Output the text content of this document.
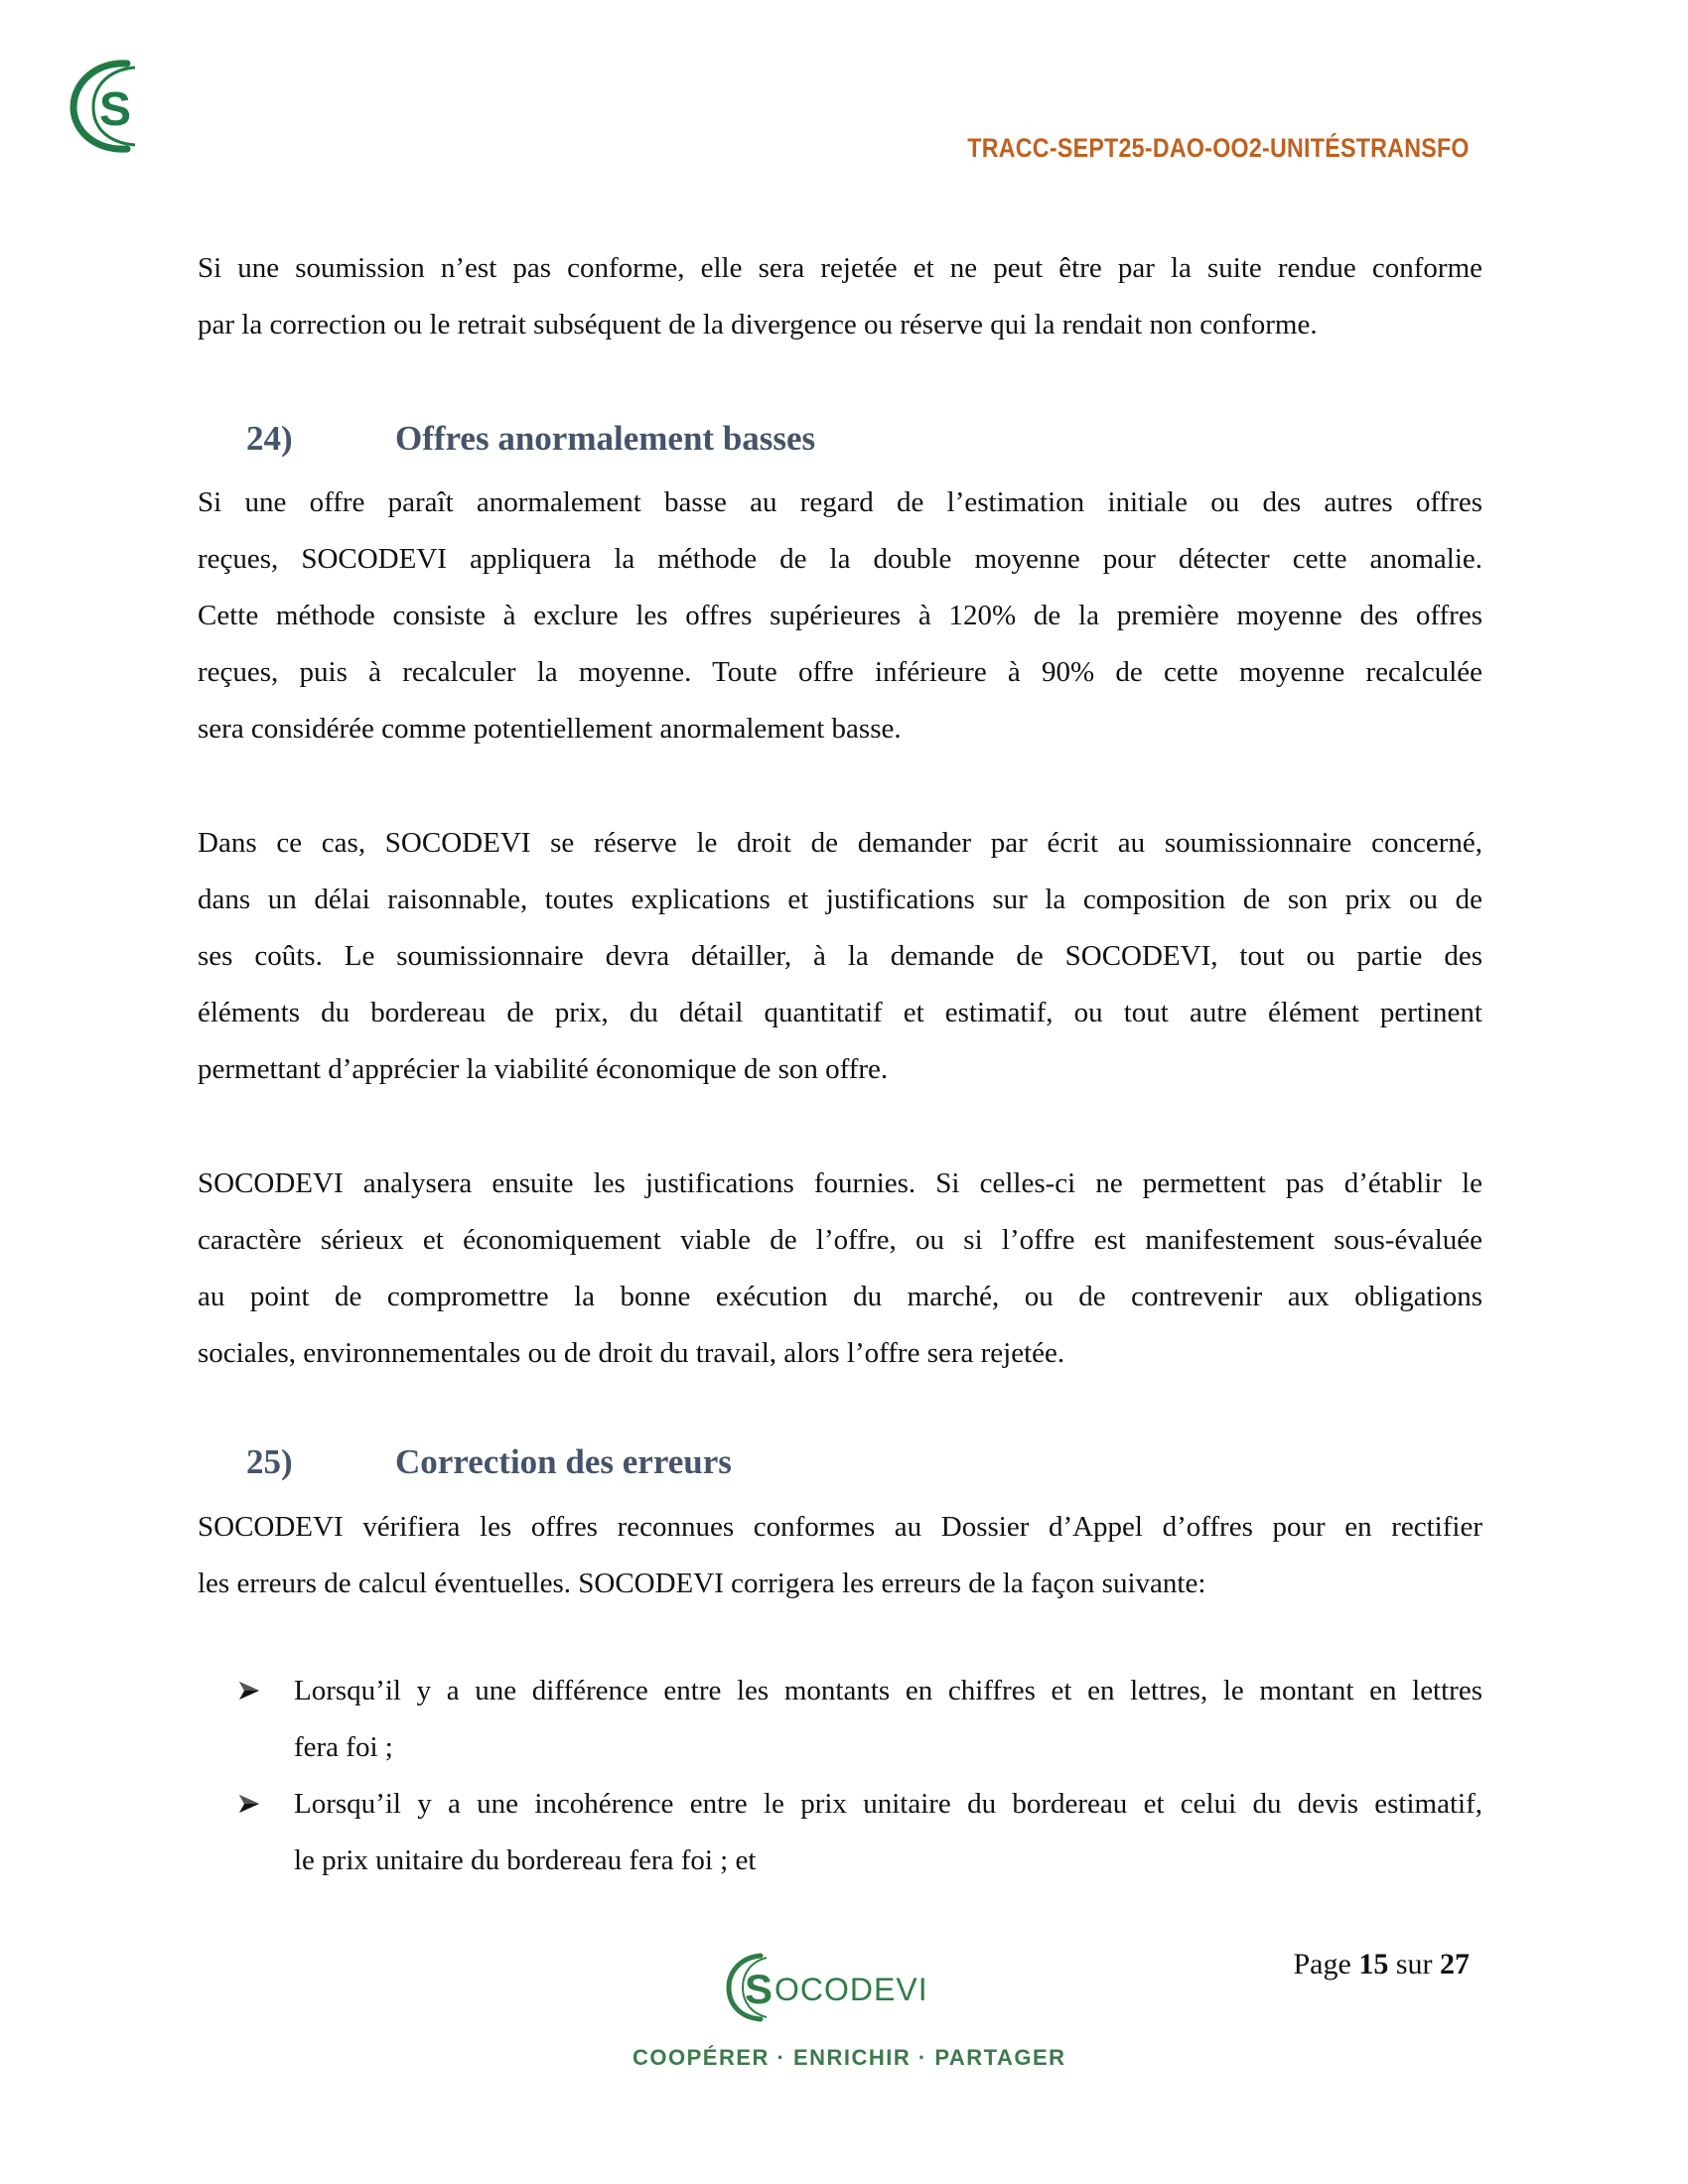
S
TRACC-SEPT25-DAO-OO2-UNITÉSTRANSFO
Si une soumission n’est pas conforme, elle sera rejetée et ne peut être par la suite rendue conforme
par la correction ou le retrait subséquent de la divergence ou réserve qui la rendait non conforme.
24)	Offres anormalement basses
Si une offre paraît anormalement basse au regard de l’estimation initiale ou des autres offres
reçues, SOCODEVI appliquera la méthode de la double moyenne pour détecter cette anomalie.
Cette méthode consiste à exclure les offres supérieures à 120% de la première moyenne des offres
reçues, puis à recalculer la moyenne. Toute offre inférieure à 90% de cette moyenne recalculée
sera considérée comme potentiellement anormalement basse.
Dans ce cas, SOCODEVI se réserve le droit de demander par écrit au soumissionnaire concerné,
dans un délai raisonnable, toutes explications et justifications sur la composition de son prix ou de
ses coûts. Le soumissionnaire devra détailler, à la demande de SOCODEVI, tout ou partie des
éléments du bordereau de prix, du détail quantitatif et estimatif, ou tout autre élément pertinent
permettant d’apprécier la viabilité économique de son offre.
SOCODEVI analysera ensuite les justifications fournies. Si celles-ci ne permettent pas d’établir le
caractère sérieux et économiquement viable de l’offre, ou si l’offre est manifestement sous-évaluée
au point de compromettre la bonne exécution du marché, ou de contrevenir aux obligations
sociales, environnementales ou de droit du travail, alors l’offre sera rejetée.
25)	Correction des erreurs
SOCODEVI vérifiera les offres reconnues conformes au Dossier d’Appel d’offres pour en rectifier
les erreurs de calcul éventuelles. SOCODEVI corrigera les erreurs de la façon suivante:
Lorsqu’il y a une différence entre les montants en chiffres et en lettres, le montant en lettres
fera foi ;
Lorsqu’il y a une incohérence entre le prix unitaire du bordereau et celui du devis estimatif,
le prix unitaire du bordereau fera foi ; et
S OCODEVI
COOPÉRER · ENRICHIR · PARTAGER
Page 15 sur 27
